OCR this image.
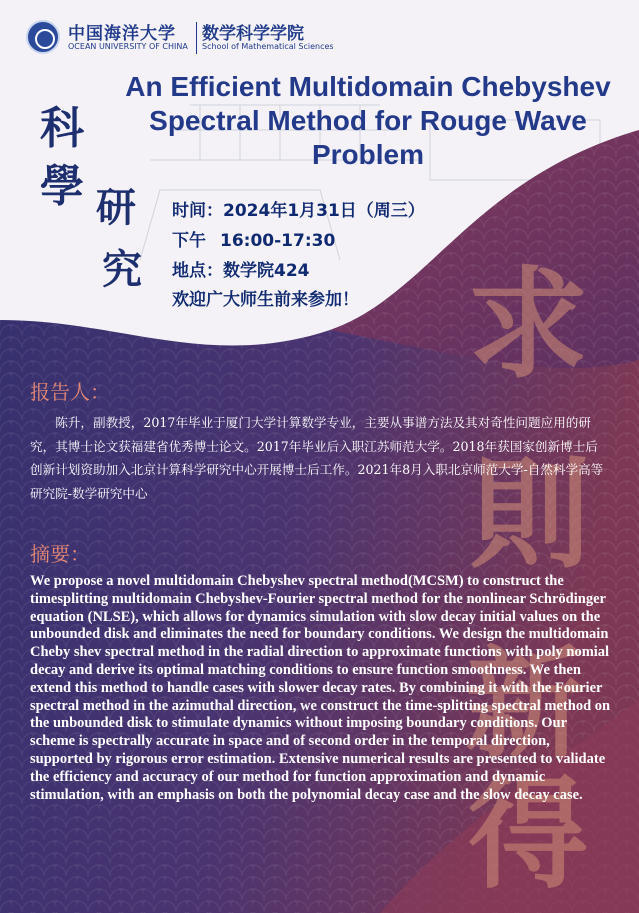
中国海洋大学
OCEAN UNIVERSITY OF CHINA
数学科学学院
School of Mathematical Sciences
科
學 研
究	求
則
新
得
An Efficient Multidomain Chebyshev Spectral Method for Rouge Wave Problem
时间：2024年1月31日（周三）
下午 16:00-17:30
地点：数学院424
欢迎广大师生前来参加！
报告人：
陈升，副教授，2017年毕业于厦门大学计算数学专业，主要从事谱方法及其对奇性问题应用的研究，其博士论文获福建省优秀博士论文。2017年毕业后入职江苏师范大学。2018年获国家创新博士后创新计划资助加入北京计算科学研究中心开展博士后工作。2021年8月入职北京师范大学-自然科学高等研究院-数学研究中心
摘要：
We propose a novel multidomain Chebyshev spectral method(MCSM) to construct the timesplitting multidomain Chebyshev-Fourier spectral method for the nonlinear Schrödinger equation (NLSE), which allows for dynamics simulation with slow decay initial values on the unbounded disk and eliminates the need for boundary conditions. We design the multidomain Cheby shev spectral method in the radial direction to approximate functions with poly nomial decay and derive its optimal matching conditions to ensure function smoothness. We then extend this method to handle cases with slower decay rates. By combining it with the Fourier spectral method in the azimuthal direction, we construct the time-splitting spectral method on the unbounded disk to stimulate dynamics without imposing boundary conditions. Our scheme is spectrally accurate in space and of second order in the temporal direction, supported by rigorous error estimation. Extensive numerical results are presented to validate the efficiency and accuracy of our method for function approximation and dynamic stimulation, with an emphasis on both the polynomial decay case and the slow decay case.
